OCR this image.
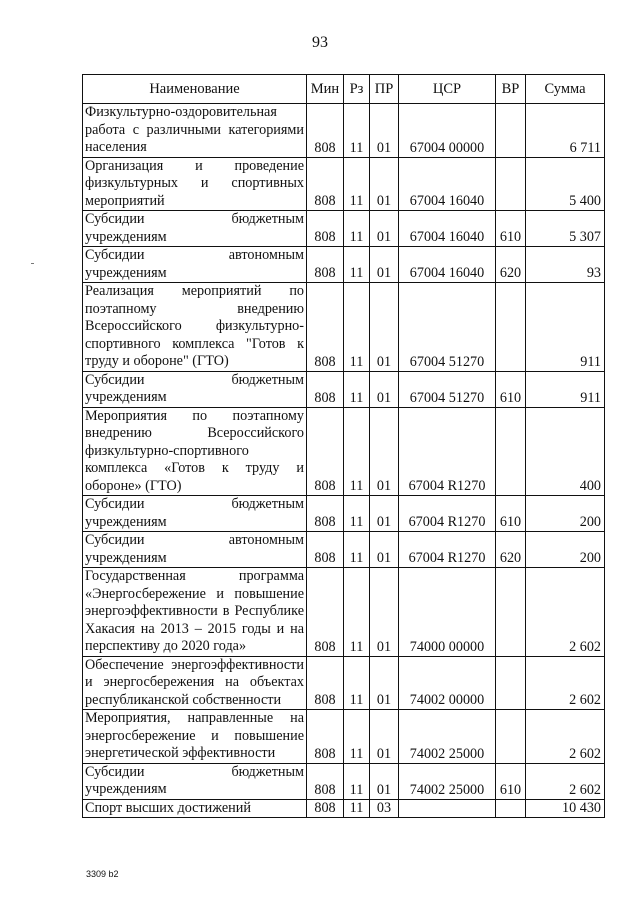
93
Наименование	Мин	Рз	ПР	ЦСР	ВР	Сумма
Физкультурно-оздоровительная работа с различными категориями населения	808	11	01	67004 00000		6 711
Организация и проведение физкультурных и спортивных мероприятий	808	11	01	67004 16040		5 400
Субсидии бюджетным учреждениям	808	11	01	67004 16040	610	5 307
Субсидии автономным учреждениям	808	11	01	67004 16040	620	93
Реализация мероприятий по поэтапному внедрению Всероссийского физкультурно-спортивного комплекса "Готов к труду и обороне" (ГТО)	808	11	01	67004 51270		911
Субсидии бюджетным учреждениям	808	11	01	67004 51270	610	911
Мероприятия по поэтапному внедрению Всероссийского физкультурно-спортивного комплекса «Готов к труду и обороне» (ГТО)	808	11	01	67004 R1270		400
Субсидии бюджетным учреждениям	808	11	01	67004 R1270	610	200
Субсидии автономным учреждениям	808	11	01	67004 R1270	620	200
Государственная программа «Энергосбережение и повышение энергоэффективности в Республике Хакасия на 2013 – 2015 годы и на перспективу до 2020 года»	808	11	01	74000 00000		2 602
Обеспечение энергоэффективности и энергосбережения на объектах республиканской собственности	808	11	01	74002 00000		2 602
Мероприятия, направленные на энергосбережение и повышение энергетической эффективности	808	11	01	74002 25000		2 602
Субсидии бюджетным учреждениям	808	11	01	74002 25000	610	2 602
Спорт высших достижений	808	11	03			10 430
3309 b2
